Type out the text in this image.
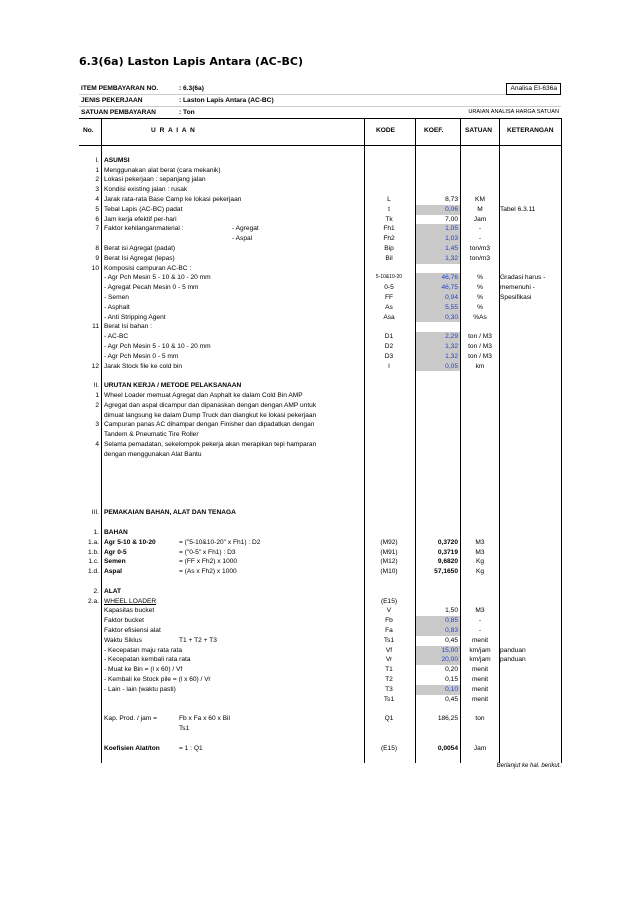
6.3(6a) Laston Lapis Antara (AC-BC)
ITEM PEMBAYARAN NO.	: 6.3(6a)	Analisa EI-636a
JENIS PEKERJAAN	: Laston Lapis Antara (AC-BC)
SATUAN PEMBAYARAN	: Ton	URAIAN ANALISA HARGA SATUAN
No.	U R A I A N	KODE	KOEF.	SATUAN KETERANGAN
I. ASUMSI
1 Menggunakan alat berat (cara mekanik)
2 Lokasi pekerjaan : sepanjang jalan
3 Kondisi existing jalan : rusak
4 Jarak rata-rata Base Camp ke lokasi pekerjaan	L	8,73	KM
5 Tebal Lapis (AC-BC) padat	t	0,06	M	Tabel 6.3.11
6 Jam kerja efektif per-hari	Tk	7,00	Jam
7 Faktor kehilanganmaterial :	- Agregat	Fh1	1,05	-
- Aspal	Fh2	1,03	-
8 Berat isi Agregat (padat)	Bip	1,45	ton/m3
9 Berat Isi Agregat (lepas)	Bil	1,32	ton/m3
10 Komposisi campuran AC-BC :
- Agr Pch Mesin 5 - 10 & 10 - 20 mm	5-10&10-20	46,76	%	Gradasi harus -
- Agregat Pecah Mesin 0 - 5 mm	0-5	46,75	%	memenuhi -
- Semen	FF	0,94	%	Spesifikasi
- Asphalt	As	5,55	%
- Anti Stripping Agent	Asa	0,30	%As
11 Berat Isi bahan :
- AC-BC	D1	2,29	ton / M3
- Agr Pch Mesin 5 - 10 & 10 - 20 mm	D2	1,32	ton / M3
- Agr Pch Mesin 0 - 5 mm	D3	1,32	ton / M3
12 Jarak Stock file ke cold bin	l	0,05	km
II. URUTAN KERJA / METODE PELAKSANAAN
1 Wheel Loader memuat Agregat dan Asphalt ke dalam Cold Bin AMP
2 Agregat dan aspal dicampur dan dipanaskan dengan dengan AMP untuk
dimuat langsung ke dalam Dump Truck dan diangkut ke lokasi pekerjaan
3 Campuran panas AC dihampar dengan Finisher dan dipadatkan dengan
Tandem & Pneumatic Tire Roller
4 Selama pemadatan, sekelompok pekerja akan merapikan tepi hamparan
dengan menggunakan Alat Bantu
III. PEMAKAIAN BAHAN, ALAT DAN TENAGA
1. BAHAN
1.a. Agr 5-10 & 10-20	= ("5-10&10-20" x Fh1) : D2	(M92)	0,3720	M3
1.b. Agr 0-5	= ("0-5" x Fh1) : D3	(M91)	0,3719	M3
1.c. Semen	= (FF x Fh2) x 1000	(M12)	9,6820	Kg
1.d. Aspal	= (As x Fh2) x 1000	(M10)	57,1650	Kg
2. ALAT
2.a. WHEEL LOADER	(E15)
Kapasitas bucket	V	1,50	M3
Faktor bucket	Fb	0,85	-
Faktor efisiensi alat	Fa	0,83	-
Waktu Siklus	T1 + T2 + T3	Ts1	0,45	menit
- Kecepatan maju rata rata	Vf	15,00	km/jam	panduan
- Kecepatan kembali rata rata	Vr	20,00	km/jam	panduan
- Muat ke Bin = (l x 60) / Vf	T1	0,20	menit
- Kembali ke Stock pile = (l x 60) / Vr	T2	0,15	menit
- Lain - lain (waktu pasti)	T3	0,10	menit
Ts1	0,45	menit
Kap. Prod. / jam =	Fb x Fa x 60 x Bil	Q1	186,25	ton
Ts1
Koefisien Alat/ton	= 1 : Q1	(E15)	0,0054	Jam
Berlanjut ke hal. berikut.
